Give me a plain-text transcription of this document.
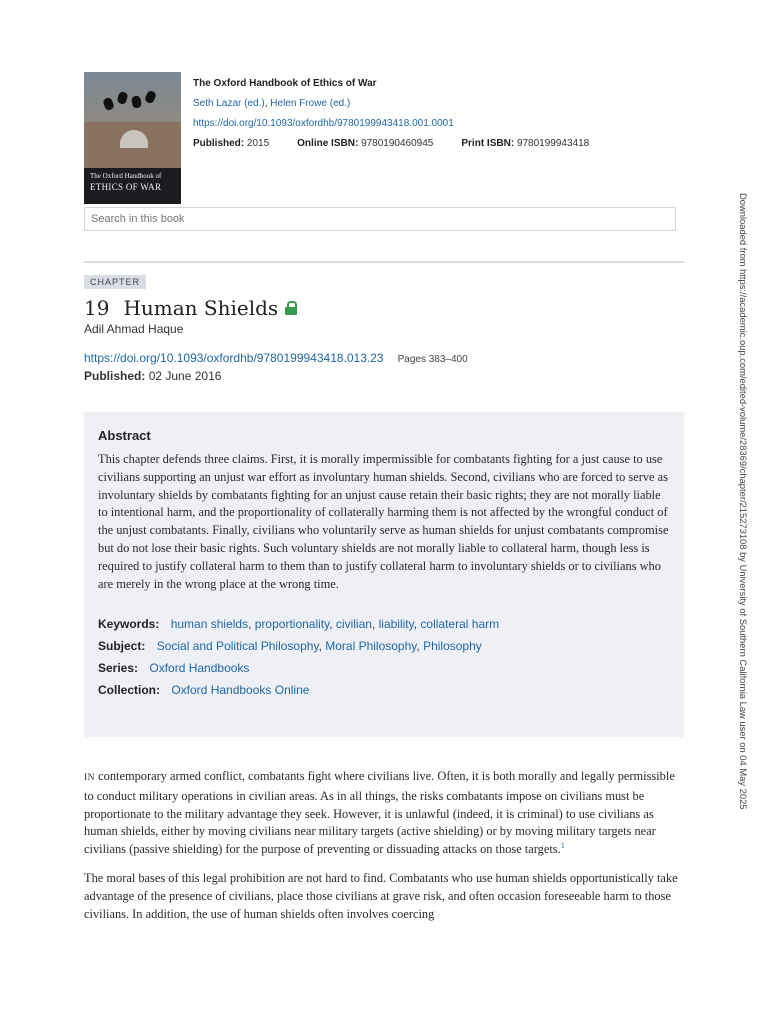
The Oxford Handbook of
ETHICS OF WAR
The Oxford Handbook of Ethics of War
Seth Lazar (ed.), Helen Frowe (ed.)
https://doi.org/10.1093/oxfordhb/9780199943418.001.0001
Published: 2015	Online ISBN: 9780190460945	Print ISBN: 9780199943418
Search in this book
CHAPTER
19 Human Shields
Adil Ahmad Haque
https://doi.org/10.1093/oxfordhb/9780199943418.013.23 Pages 383–400
Published: 02 June 2016
Abstract

This chapter defends three claims. First, it is morally impermissible for combatants fighting for a just cause to use civilians supporting an unjust war effort as involuntary human shields. Second, civilians who are forced to serve as involuntary shields by combatants fighting for an unjust cause retain their basic rights; they are not morally liable to intentional harm, and the proportionality of collaterally harming them is not affected by the wrongful conduct of the unjust combatants. Finally, civilians who voluntarily serve as human shields for unjust combatants compromise but do not lose their basic rights. Such voluntary shields are not morally liable to collateral harm, though less is required to justify collateral harm to them than to justify collateral harm to involuntary shields or to civilians who are merely in the wrong place at the wrong time.

Keywords: human shields, proportionality, civilian, liability, collateral harm
Subject: Social and Political Philosophy, Moral Philosophy, Philosophy
Series: Oxford Handbooks
Collection: Oxford Handbooks Online

IN contemporary armed conflict, combatants fight where civilians live. Often, it is both morally and legally permissible to conduct military operations in civilian areas. As in all things, the risks combatants impose on civilians must be proportionate to the military advantage they seek. However, it is unlawful (indeed, it is criminal) to use civilians as human shields, either by moving civilians near military targets (active shielding) or by moving military targets near civilians (passive shielding) for the purpose of preventing or dissuading attacks on those targets.$^1$

The moral bases of this legal prohibition are not hard to find. Combatants who use human shields opportunistically take advantage of the presence of civilians, place those civilians at grave risk, and often occasion foreseeable harm to those civilians. In addition, the use of human shields often involves coercing

Downloaded from https://academic.oup.com/edited-volume/28369/chapter/215273108 by University of Southern California Law user on 04 May 2025
